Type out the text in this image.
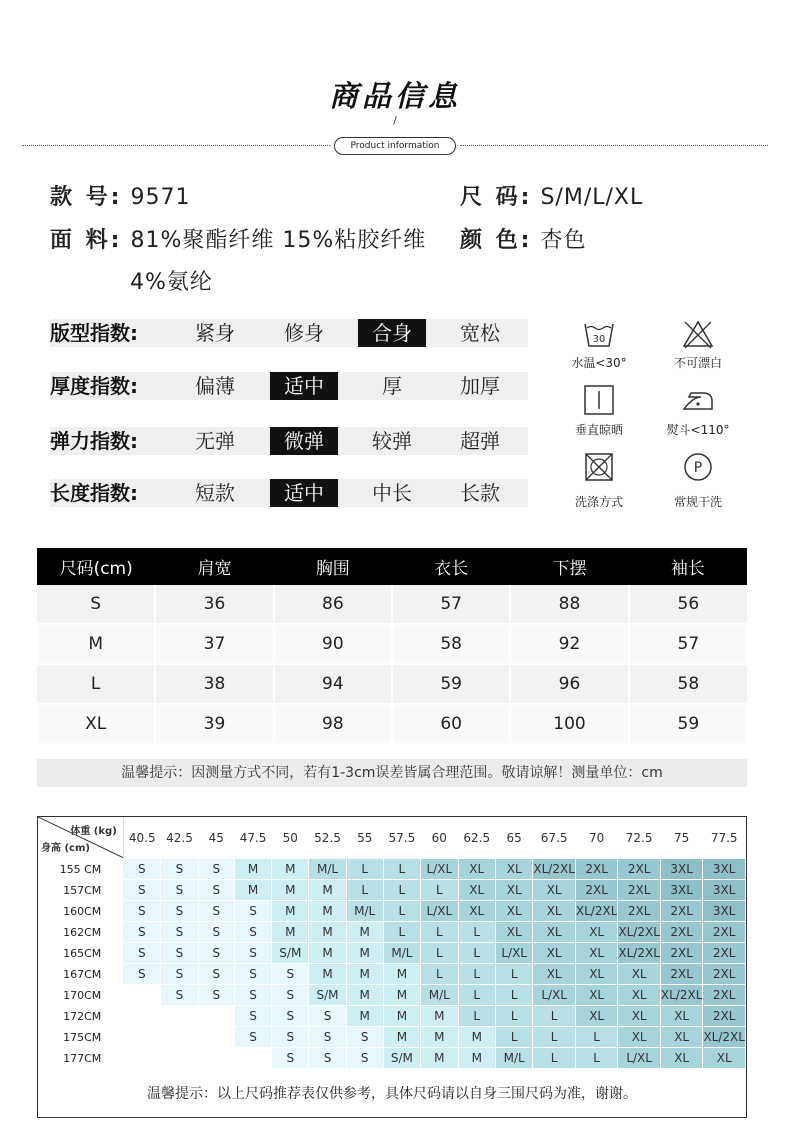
商品信息
/
Product information
款 号: 9571	尺 码: S/M/L/XL
面 料: 81%聚酯纤维 15%粘胶纤维
4%氨纶
颜 色: 杏色
版型指数:	紧身	修身	合身	宽松
厚度指数:	偏薄	适中	厚	加厚
弹力指数:	无弹	微弹	较弹	超弹
长度指数:	短款	适中	中长	长款
30
P
水温<30°	不可漂白
垂直晾晒	熨斗<110°
洗涤方式	常规干洗
尺码(cm)	肩宽	胸围	衣长	下摆	袖长
S	36	86	57	88	56
M	37	90	58	92	57
L	38	94	59	96	58
XL	39	98	60	100	59
温馨提示：因测量方式不同，若有1-3cm误差皆属合理范围。敬请谅解！测量单位：cm
体重 (kg)
身高 (cm)	40.5	42.5	45	47.5	50	52.5	55	57.5	60	62.5	65	67.5	70	72.5	75	77.5
155 CM	S	S	S	M	M	M/L	L	L	L/XL	XL	XL	XL/2XL	2XL	2XL	3XL	3XL
157CM	S	S	S	M	M	M	L	L	L	XL	XL	XL	2XL	2XL	3XL	3XL
160CM	S	S	S	S	M	M	M/L	L	L/XL	XL	XL	XL	XL/2XL	2XL	2XL	3XL
162CM	S	S	S	S	M	M	M	L	L	L	XL	XL	XL	XL/2XL	2XL	2XL
165CM	S	S	S	S	S/M	M	M	M/L	L	L	L/XL	XL	XL	XL/2XL	2XL	2XL
167CM	S	S	S	S	S	M	M	M	L	L	L	XL	XL	XL	2XL	2XL
170CM		S	S	S	S	S/M	M	M	M/L	L	L	L/XL	XL	XL	XL/2XL	2XL
172CM				S	S	S	M	M	M	L	L	L	XL	XL	XL	2XL
175CM				S	S	S	S	M	M	M	L	L	L	XL	XL	XL/2XL
177CM					S	S	S	S/M	M	M	M/L	L	L	L/XL	XL	XL
温馨提示：以上尺码推荐表仅供参考，具体尺码请以自身三围尺码为准，谢谢。
